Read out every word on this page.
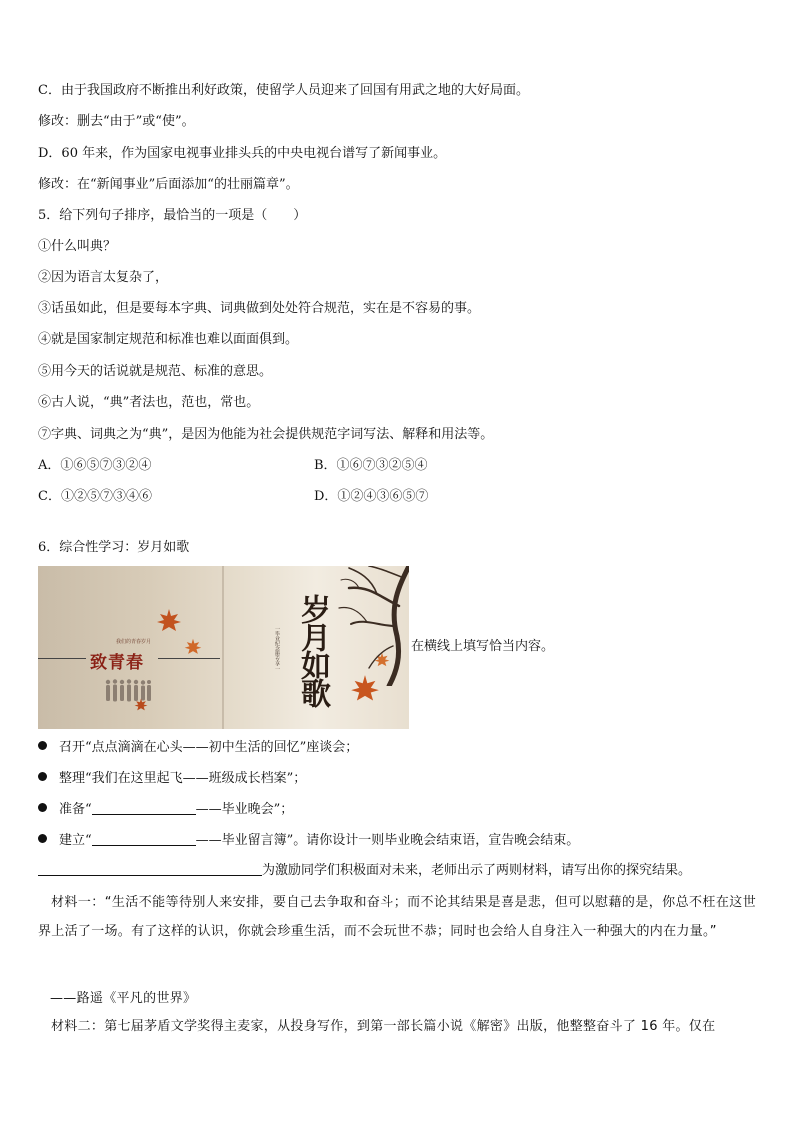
C．由于我国政府不断推出利好政策，使留学人员迎来了回国有用武之地的大好局面。
修改：删去“由于”或“使”。
D．60 年来，作为国家电视事业排头兵的中央电视台谱写了新闻事业。
修改：在“新闻事业”后面添加“的壮丽篇章”。
5．给下列句子排序，最恰当的一项是（　　）
①什么叫典？
②因为语言太复杂了，
③话虽如此，但是要每本字典、词典做到处处符合规范，实在是不容易的事。
④就是国家制定规范和标准也难以面面俱到。
⑤用今天的话说就是规范、标准的意思。
⑥古人说，“典”者法也，范也，常也。
⑦字典、词典之为“典”，是因为他能为社会提供规范字词写法、解释和用法等。
A．①⑥⑤⑦③②④	B．①⑥⑦③②⑤④
C．①②⑤⑦③④⑥	D．①②④③⑥⑤⑦
6．综合性学习：岁月如歌
我们的青春岁月
致青春	岁月如歌
一毕业纪念册专享一	在横线上填写恰当内容。
召开“点点滴滴在心头——初中生活的回忆”座谈会；
整理“我们在这里起飞——班级成长档案”；
准备“	——毕业晚会”；
建立“	——毕业留言簿”。请你设计一则毕业晚会结束语，宣告晚会结束。
为激励同学们积极面对未来，老师出示了两则材料，请写出你的探究结果。
材料一：“生活不能等待别人来安排，要自己去争取和奋斗；而不论其结果是喜是悲，但可以慰藉的是，你总不枉在这世界上活了一场。有了这样的认识，你就会珍重生活，而不会玩世不恭；同时也会给人自身注入一种强大的内在力量。”
——路遥《平凡的世界》
材料二：第七届茅盾文学奖得主麦家，从投身写作，到第一部长篇小说《解密》出版，他整整奋斗了 16 年。仅在
